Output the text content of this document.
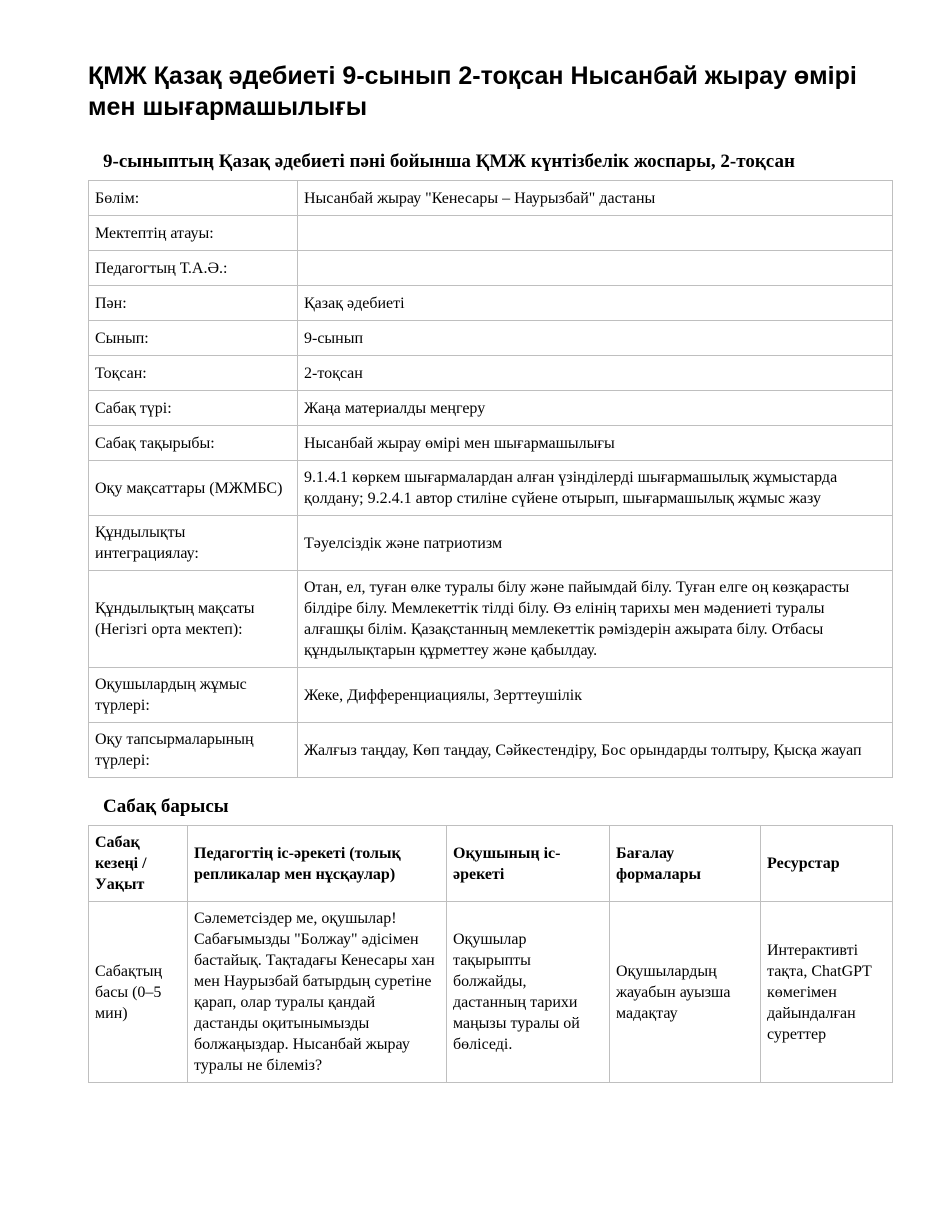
ҚМЖ Қазақ әдебиеті 9-сынып 2-тоқсан Нысанбай жырау өмірі мен шығармашылығы
9-сыныптың Қазақ әдебиеті пәні бойынша ҚМЖ күнтізбелік жоспары, 2-тоқсан
Бөлім:	Нысанбай жырау "Кенесары – Наурызбай" дастаны
Мектептің атауы:	
Педагогтың Т.А.Ә.:	
Пән:	Қазақ әдебиеті
Сынып:	9-сынып
Тоқсан:	2-тоқсан
Сабақ түрі:	Жаңа материалды меңгеру
Сабақ тақырыбы:	Нысанбай жырау өмірі мен шығармашылығы
Оқу мақсаттары (МЖМБС)	9.1.4.1 көркем шығармалардан алған үзінділерді шығармашылық жұмыстарда қолдану; 9.2.4.1 автор стилiне сүйене отырып, шығармашылық жұмыс жазу
Құндылықты интеграциялау:	Тәуелсіздік және патриотизм
Құндылықтың мақсаты (Негізгі орта мектеп):	Отан, ел, туған өлке туралы білу және пайымдай білу. Туған елге оң көзқарасты білдіре білу. Мемлекеттік тілді білу. Өз елінің тарихы мен мәдениеті туралы алғашқы білім. Қазақстанның мемлекеттік рәміздерін ажырата білу. Отбасы құндылықтарын құрметтеу және қабылдау.
Оқушылардың жұмыс түрлері:	Жеке, Дифференциациялы, Зерттеушілік
Оқу тапсырмаларының түрлері:	Жалғыз таңдау, Көп таңдау, Сәйкестендіру, Бос орындарды толтыру, Қысқа жауап
Сабақ барысы
Сабақ кезеңі / Уақыт	Педагогтің іс-әрекеті (толық репликалар мен нұсқаулар)	Оқушының іс-әрекеті	Бағалау формалары	Ресурстар
Сабақтың басы (0–5 мин)	Сәлеметсіздер ме, оқушылар! Сабағымызды "Болжау" әдісімен бастайық. Тақтадағы Кенесары хан мен Наурызбай батырдың суретіне қарап, олар туралы қандай дастанды оқитынымызды болжаңыздар. Нысанбай жырау туралы не білеміз?	Оқушылар тақырыпты болжайды, дастанның тарихи маңызы туралы ой бөліседі.	Оқушылардың жауабын ауызша мадақтау	Интерактивті тақта, ChatGPT көмегімен дайындалған суреттер
